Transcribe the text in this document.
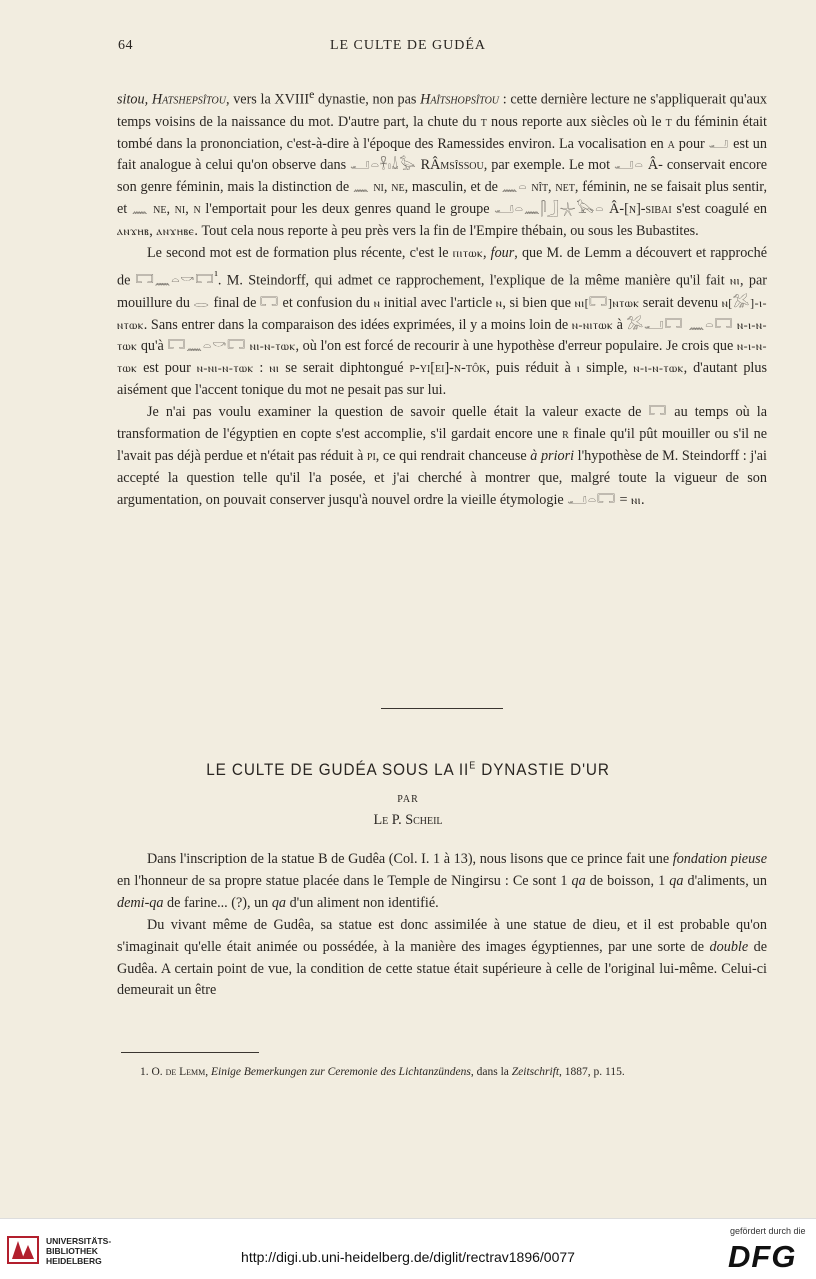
64	LE CULTE DE GUDÉA

sitou, Hatshepsîtou, vers la XVIIIe dynastie, non pas Haîtshopsîtou : cette dernière lecture ne s'appliquerait qu'aux temps voisins de la naissance du mot. D'autre part, la chute du t nous reporte aux siècles où le t du féminin était tombé dans la prononciation, c'est-à-dire à l'époque des Ramessides environ. La vocalisation en a pour 𓂝 est un fait analogue à celui qu'on observe dans 𓂝𓏏𓋹𓏤𓍑𓅭 RÂmsîssou, par exemple. Le mot 𓂝𓏏 Â- conservait encore son genre féminin, mais la distinction de 𓈖 ni, ne, masculin, et de 𓈖𓏏 nît, net, féminin, ne se faisait plus sentir, et 𓈖 ne, ni, n l'emportait pour les deux genres quand le groupe 𓂝𓏏𓈖𓋴𓃀𓇼𓅂𓏏 Â-[n]-sibai s'est coagulé en ⲁⲛϫⲏⲃ, ⲁⲛϫⲏⲃⲉ. Tout cela nous reporte à peu près vers la fin de l'Empire thébain, ou sous les Bubastites.

Le second mot est de formation plus récente, c'est le ⲡⲓⲧⲱⲕ, four, que M. de Lemm a découvert et rapproché de 𓉐𓈖𓏏𓎡𓉐$^{^1}$. M. Steindorff, qui admet ce rapprochement, l'explique de la même manière qu'il fait ⲛⲓ, par mouillure du 𓂋 final de 𓉐 et confusion du ⲛ initial avec l'article ⲛ, si bien que ⲛⲓ[𓉐]ⲛⲧⲱⲕ serait devenu ⲛ[𓅮]-ⲓ-ⲛⲧⲱⲕ. Sans entrer dans la comparaison des idées exprimées, il y a moins loin de ⲛ-ⲛⲓⲧⲱⲕ à 𓅮𓂝𓉐 𓈖𓏏𓉐 ⲛ-ⲓ-ⲛ-ⲧⲱⲕ qu'à 𓉐𓈖𓏏𓎡𓉐 ⲛⲓ-ⲛ-ⲧⲱⲕ, où l'on est forcé de recourir à une hypothèse d'erreur populaire. Je crois que ⲛ-ⲓ-ⲛ-ⲧⲱⲕ est pour ⲛ-ⲛⲓ-ⲛ-ⲧⲱⲕ : ⲛⲓ se serait diphtongué p-yi[ei]-n-tôk, puis réduit à ⲓ simple, ⲛ-ⲓ-ⲛ-ⲧⲱⲕ, d'autant plus aisément que l'accent tonique du mot ne pesait pas sur lui.

Je n'ai pas voulu examiner la question de savoir quelle était la valeur exacte de 𓉐 au temps où la transformation de l'égyptien en copte s'est accomplie, s'il gardait encore une r finale qu'il pût mouiller ou s'il ne l'avait pas déjà perdue et n'était pas réduit à pi, ce qui rendrait chanceuse à priori l'hypothèse de M. Steindorff : j'ai accepté la question telle qu'il l'a posée, et j'ai cherché à montrer que, malgré toute la vigueur de son argumentation, on pouvait conserver jusqu'à nouvel ordre la vieille étymologie 𓂝𓏏𓉐 = ⲛⲓ.

LE CULTE DE GUDÉA SOUS LA $II^E$ DYNASTIE D'UR
PAR
Le P. Scheil

Dans l'inscription de la statue B de Gudêa (Col. I. 1 à 13), nous lisons que ce prince fait une fondation pieuse en l'honneur de sa propre statue placée dans le Temple de Ningirsu : Ce sont 1 qa de boisson, 1 qa d'aliments, un demi-qa de farine... (?), un qa d'un aliment non identifié.

Du vivant même de Gudêa, sa statue est donc assimilée à une statue de dieu, et il est probable qu'on s'imaginait qu'elle était animée ou possédée, à la manière des images égyptiennes, par une sorte de double de Gudêa. A certain point de vue, la condition de cette statue était supérieure à celle de l'original lui-même. Celui-ci demeurait un être

1. O. de Lemm, Einige Bemerkungen zur Ceremonie des Lichtanzündens, dans la Zeitschrift, 1887, p. 115.
UNIVERSITÄTS-
BIBLIOTHEK
HEIDELBERG	http://digi.ub.uni-heidelberg.de/diglit/rectrav1896/0077
gefördert durch die
DFG
